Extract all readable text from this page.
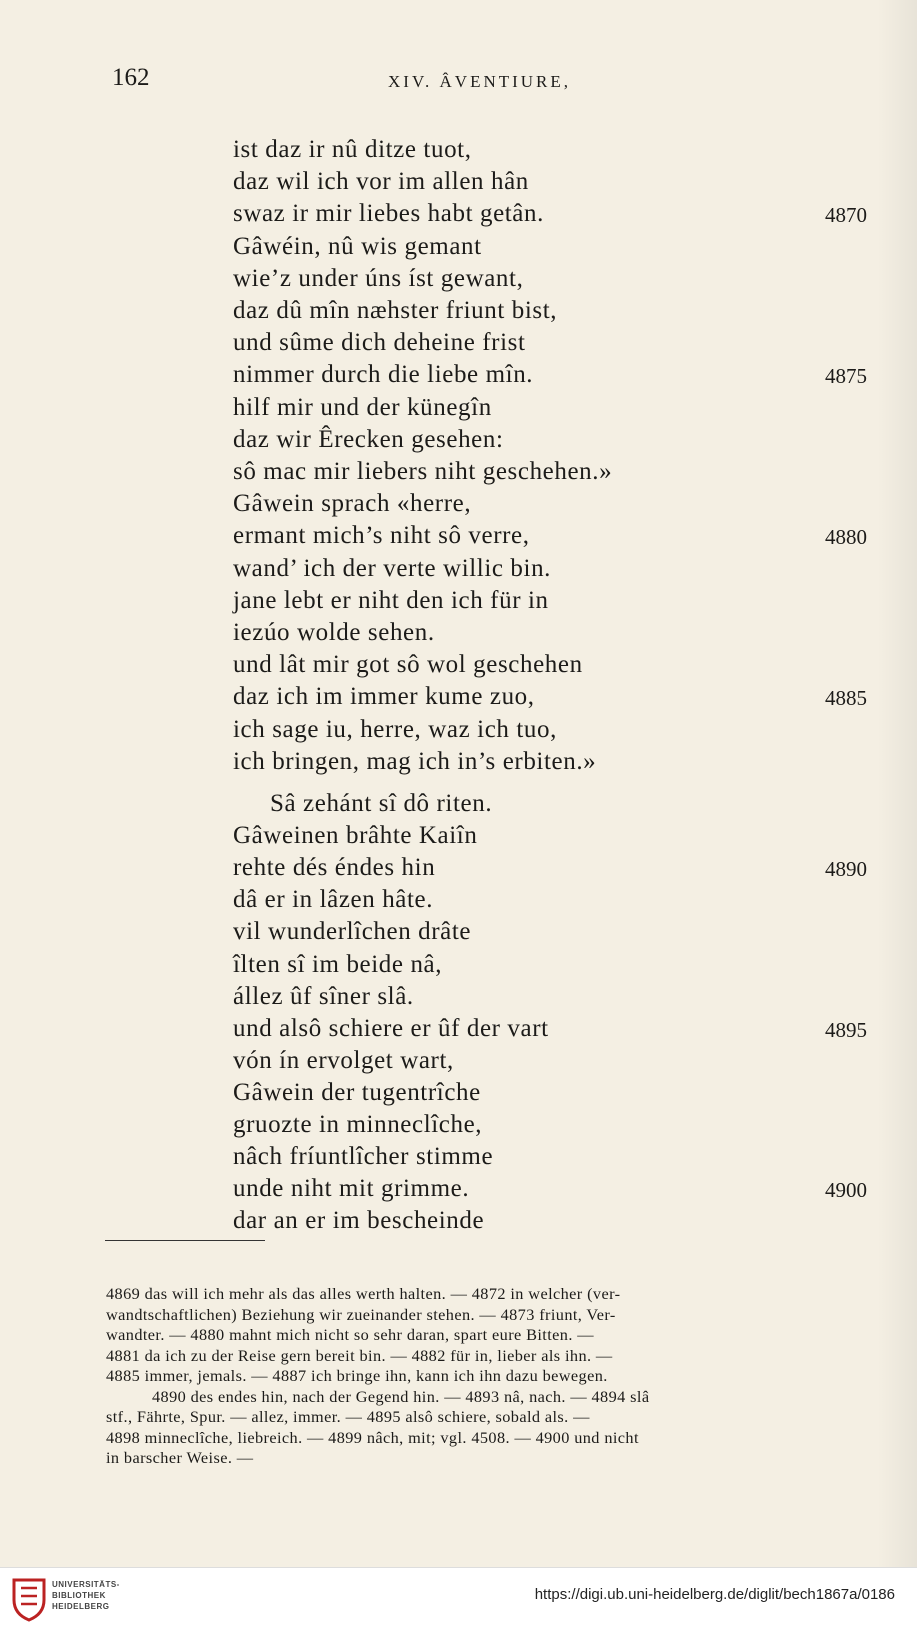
162	XIV. ÂVENTIURE,
ist daz ir nû ditze tuot,
daz wil ich vor im allen hân
swaz ir mir liebes habt getân.	4870
Gâwéin, nû wis gemant
wie’z under úns íst gewant,
daz dû mîn næhster friunt bist,
und sûme dich deheine frist
nimmer durch die liebe mîn.	4875
hilf mir und der künegîn
daz wir Êrecken gesehen:
sô mac mir liebers niht geschehen.»
Gâwein sprach «herre,
ermant mich’s niht sô verre,	4880
wand’ ich der verte willic bin.
jane lebt er niht den ich für in
iezúo wolde sehen.
und lât mir got sô wol geschehen
daz ich im immer kume zuo,	4885
ich sage iu, herre, waz ich tuo,
ich bringen, mag ich in’s erbiten.»
Sâ zehánt sî dô riten.
Gâweinen brâhte Kaiîn
rehte dés éndes hin	4890
dâ er in lâzen hâte.
vil wunderlîchen drâte
îlten sî im beide nâ,
állez ûf sîner slâ.
und alsô schiere er ûf der vart	4895
vón ín ervolget wart,
Gâwein der tugentrîche
gruozte in minneclîche,
nâch fríuntlîcher stimme
unde niht mit grimme.	4900
dar an er im bescheinde
4869 das will ich mehr als das alles werth halten. — 4872 in welcher (ver-
wandtschaftlichen) Beziehung wir zueinander stehen. — 4873 friunt, Ver-
wandter. — 4880 mahnt mich nicht so sehr daran, spart eure Bitten. —
4881 da ich zu der Reise gern bereit bin. — 4882 für in, lieber als ihn. —
4885 immer, jemals. — 4887 ich bringe ihn, kann ich ihn dazu bewegen.
4890 des endes hin, nach der Gegend hin. — 4893 nâ, nach. — 4894 slâ
stf., Fährte, Spur. — allez, immer. — 4895 alsô schiere, sobald als. —
4898 minneclîche, liebreich. — 4899 nâch, mit; vgl. 4508. — 4900 und nicht
in barscher Weise. —
UNIVERSITÄTS-
BIBLIOTHEK
HEIDELBERG
https://digi.ub.uni-heidelberg.de/diglit/bech1867a/0186
